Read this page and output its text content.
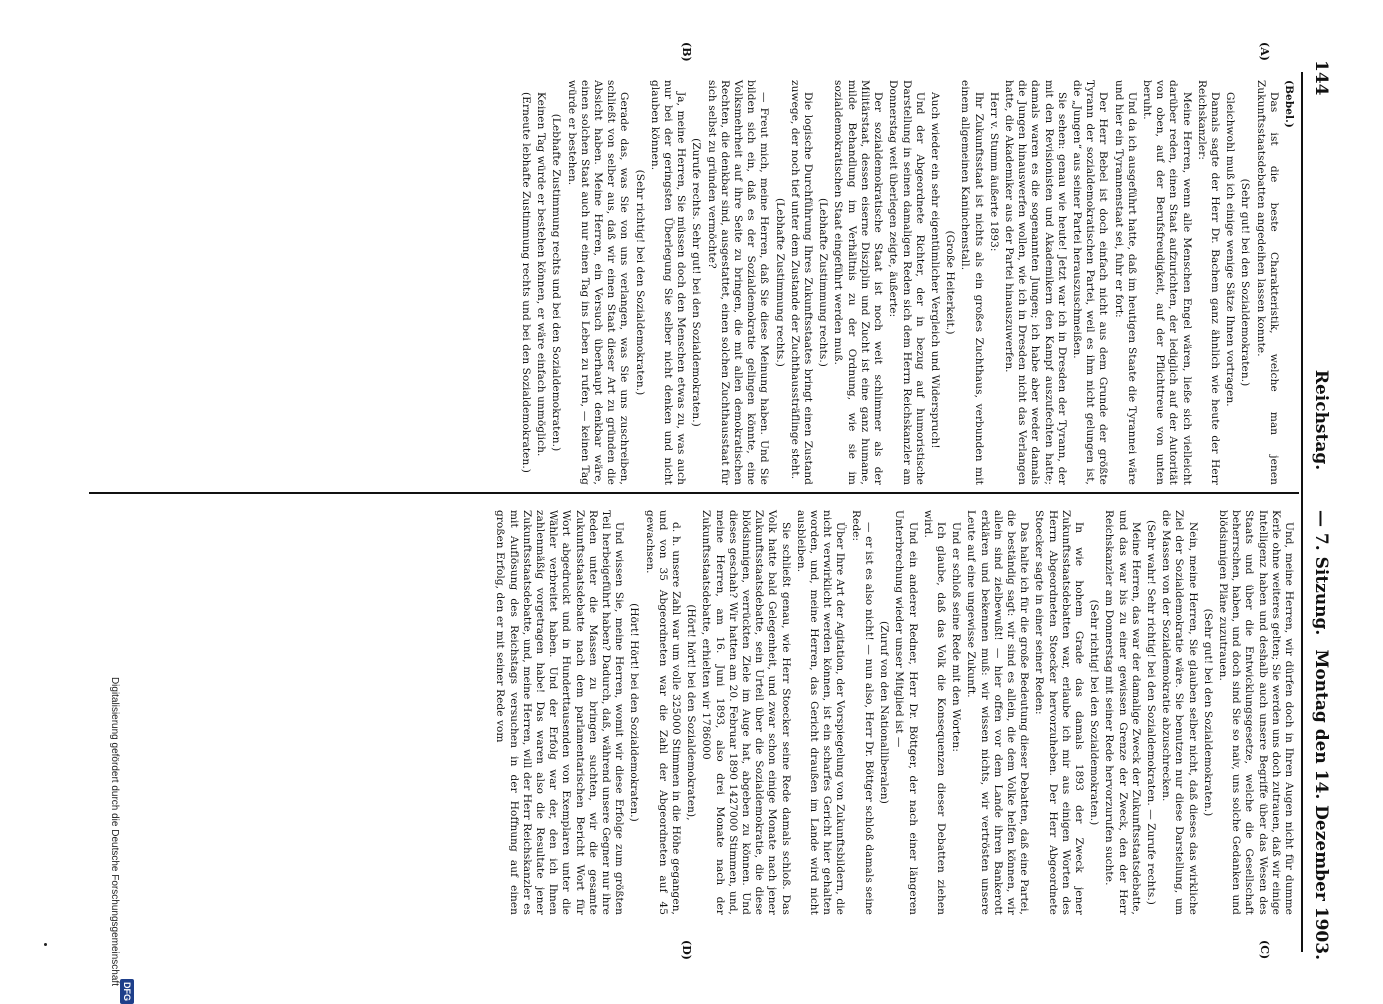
144
Reichstag.
— 7. Sitzung.
Montag den 14. Dezember 1903.
(A)
(B)
(C)
(D)

(Bebel.)

Das ist die beste Charakteristik, welche man jenen Zukunftsstaatsdebatten angedeihen lassen konnte.

(Sehr gut! bei den Sozialdemokraten.)

Gleichwohl muß ich einige wenige Sätze Ihnen vortragen.

Damals sagte der Herr Dr. Bachem ganz ähnlich wie heute der Herr Reichskanzler:

Meine Herren, wenn alle Menschen Engel wären, ließe sich vielleicht darüber reden, einen Staat aufzurichten, der lediglich auf der Autorität von oben, auf der Berufsfreudigkeit, auf der Pflichttreue von unten beruht.

Und da ich ausgeführt hatte, daß im heutigen Staate die Tyrannei wäre und hier ein Tyrannenstaat sei, fuhr er fort:

Der Herr Bebel ist doch einfach nicht aus dem Grunde der größte Tyrann der sozialdemokratischen Partei, weil es ihm nicht gelungen ist, die „Jungen“ aus seiner Partei herauszuschmeißen.

Sie sehen: genau wie heute! Jetzt war ich in Dresden der Tyrann, der mit den Revisionisten und Akademikern den Kampf auszufechten hatte; damals waren es die sogenannten Jungen; ich habe aber weder damals die Jungen hinauswerfen wollen, wie ich in Dresden nicht das Verlangen hatte, die Akademiker aus der Partei hinauszuwerfen.

Herr v. Stumm äußerte 1893:

Ihr Zukunftsstaat ist nichts als ein großes Zuchthaus, verbunden mit einem allgemeinen Kaninchenstall.

(Große Heiterkeit.)

Auch wieder ein sehr eigentümlicher Vergleich und Widerspruch!

Und der Abgeordnete Richter, der in bezug auf humoristische Darstellung in seinen damaligen Reden sich dem Herrn Reichskanzler am Donnerstag weit überlegen zeigte, äußerte:

Der sozialdemokratische Staat ist noch weit schlimmer als der Militärstaat, dessen eiserne Disziplin und Zucht ist eine ganz humane, milde Behandlung im Verhältnis zu der Ordnung, wie sie im sozialdemokratischen Staat eingeführt werden muß.

(Lebhafte Zustimmung rechts.)

Die logische Durchführung Ihres Zukunftsstaates bringt einen Zustand zuwege, der noch tief unter dem Zustande der Zuchthaussträflinge steht.

(Lebhafte Zustimmung rechts.)

— Freut mich, meine Herren, daß Sie diese Meinung haben. Und Sie bilden sich ein, daß es der Sozialdemokratie gelingen könnte, eine Volksmehrheit auf ihre Seite zu bringen, die mit allen demokratischen Rechten, die denkbar sind, ausgestattet, einen solchen Zuchthausstaat für sich selbst zu gründen vermöchte?

(Zurufe rechts. Sehr gut! bei den Sozialdemokraten.)

Ja, meine Herren, Sie müssen doch den Menschen etwas zu, was auch nur bei der geringsten Überlegung Sie selber nicht denken und nicht glauben können.

(Sehr richtig! bei den Sozialdemokraten.)

Gerade das, was Sie von uns verlangen, was Sie uns zuschreiben, schließt von selber aus, daß wir einen Staat dieser Art zu gründen die Absicht haben. Meine Herren, ein Versuch überhaupt denkbar wäre, einen solchen Staat auch nur einen Tag ins Leben zu rufen, — keinen Tag würde er bestehen.

(Lebhafte Zustimmung rechts und bei den Sozialdemokraten.)

Keinen Tag würde er bestehen können, er wäre einfach unmöglich.

(Erneute lebhafte Zustimmung rechts und bei den Sozialdemokraten.)

Und, meine Herren, wir dürfen doch in Ihren Augen nicht für dumme Kerle ohne weiteres gelten; Sie werden uns doch zutrauen, daß wir einige Intelligenz haben und deshalb auch unsere Begriffe über das Wesen des Staats und über die Entwicklungsgesetze, welche die Gesellschaft beherrschen, haben, und doch sind Sie so naiv, uns solche Gedanken und blödsinnigen Pläne zuzutrauen.

(Sehr gut! bei den Sozialdemokraten.)

Nein, meine Herren, Sie glauben selber nicht, daß dieses das wirkliche Ziel der Sozialdemokratie wäre. Sie benutzen nur diese Darstellung, um die Massen von der Sozialdemokratie abzuschrecken.

(Sehr wahr! Sehr richtig! bei den Sozialdemokraten. — Zurufe rechts.)

Meine Herren, das war der damalige Zweck der Zukunftsstaatsdebatte, und das war bis zu einer gewissen Grenze der Zweck, den der Herr Reichskanzler am Donnerstag mit seiner Rede hervorzurufen suchte.

(Sehr richtig! bei den Sozialdemokraten.)

In wie hohem Grade das damals 1893 der Zweck jener Zukunftsstaatsdebatten war, erlaube ich mir aus einigen Worten des Herrn Abgeordneten Stoecker hervorzuheben. Der Herr Abgeordnete Stoecker sagte in einer seiner Reden:

Das halte ich für die große Bedeutung dieser Debatten, daß eine Partei, die beständig sagt: wir sind es allein, die dem Volke helfen können, wir allein sind zielbewußt! — hier offen vor dem Lande ihren Bankerott erklären und bekennen muß: wir wissen nichts, wir vertrösten unsere Leute auf eine ungewisse Zukunft.

Und er schloß seine Rede mit den Worten:

Ich glaube, daß das Volk die Konsequenzen dieser Debatten ziehen wird.

Und ein anderer Redner, Herr Dr. Böttger, der nach einer längeren Unterbrechung wieder unser Mitglied ist —

(Zuruf von den Nationalliberalen)

— er ist es also nicht! — nun also, Herr Dr. Böttger schloß damals seine Rede:

Über Ihre Art der Agitation, der Vorspiegelung von Zukunftsbildern, die nicht verwirklicht werden können, ist ein scharfes Gericht hier gehalten worden, und, meine Herren, das Gericht draußen im Lande wird nicht ausbleiben.

Sie schließt genau, wie Herr Stoecker seine Rede damals schloß. Das Volk hatte bald Gelegenheit, und zwar schon einige Monate nach jener Zukunftsstaatsdebatte, sein Urteil über die Sozialdemokratie, die diese blödsinnigen, verrückten Ziele im Auge hat, abgeben zu können. Und dieses geschah? Wir hatten am 20. Februar 1890 1427000 Stimmen, und, meine Herren, am 16. Juni 1893, also drei Monate nach der Zukunftsstaatsdebatte, erhielten wir 1786000

(Hört! hört! bei den Sozialdemokraten),

d. h. unsere Zahl war um volle 325000 Stimmen in die Höhe gegangen, und von 35 Abgeordneten war die Zahl der Abgeordneten auf 45 gewachsen.

(Hört! Hört! bei den Sozialdemokraten.)

Und wissen Sie, meine Herren, womit wir diese Erfolge zum größten Teil herbeigeführt haben? Dadurch, daß, während unsere Gegner nur ihre Reden unter die Massen zu bringen suchten, wir die gesamte Zukunftsstaatsdebatte nach dem parlamentarischen Bericht Wort für Wort abgedruckt und in Hunderttausenden von Exemplaren unter die Wähler verbreitet haben. Und der Erfolg war der, den ich Ihnen zahlenmäßig vorgetragen habe! Das waren also die Resultate jener Zukunftsstaatsdebatte, und, meine Herren, will der Herr Reichskanzler es mit Auflösung des Reichstags versuchen in der Hoffnung auf einen großen Erfolg, den er mit seiner Rede vom

Digitalisierung gefördert durch die Deutsche Forschungsgemeinschaft
DFG
